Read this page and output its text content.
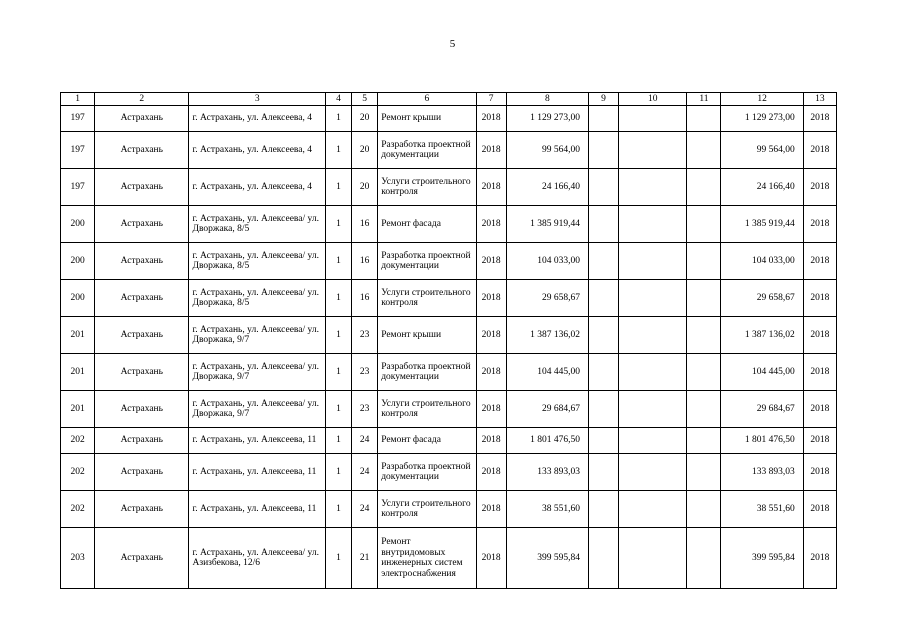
5
1	2	3	4	5	6	7	8	9	10	11	12	13
197	Астрахань	г. Астрахань, ул. Алексеева, 4	1	20	Ремонт крыши	2018	1 129 273,00				1 129 273,00	2018
197	Астрахань	г. Астрахань, ул. Алексеева, 4	1	20	Разработка проектной документации	2018	99 564,00				99 564,00	2018
197	Астрахань	г. Астрахань, ул. Алексеева, 4	1	20	Услуги строительного контроля	2018	24 166,40				24 166,40	2018
200	Астрахань	г. Астрахань, ул. Алексеева/ ул. Дворжака, 8/5	1	16	Ремонт фасада	2018	1 385 919,44				1 385 919,44	2018
200	Астрахань	г. Астрахань, ул. Алексеева/ ул. Дворжака, 8/5	1	16	Разработка проектной документации	2018	104 033,00				104 033,00	2018
200	Астрахань	г. Астрахань, ул. Алексеева/ ул. Дворжака, 8/5	1	16	Услуги строительного контроля	2018	29 658,67				29 658,67	2018
201	Астрахань	г. Астрахань, ул. Алексеева/ ул. Дворжака, 9/7	1	23	Ремонт крыши	2018	1 387 136,02				1 387 136,02	2018
201	Астрахань	г. Астрахань, ул. Алексеева/ ул. Дворжака, 9/7	1	23	Разработка проектной документации	2018	104 445,00				104 445,00	2018
201	Астрахань	г. Астрахань, ул. Алексеева/ ул. Дворжака, 9/7	1	23	Услуги строительного контроля	2018	29 684,67				29 684,67	2018
202	Астрахань	г. Астрахань, ул. Алексеева, 11	1	24	Ремонт фасада	2018	1 801 476,50				1 801 476,50	2018
202	Астрахань	г. Астрахань, ул. Алексеева, 11	1	24	Разработка проектной документации	2018	133 893,03				133 893,03	2018
202	Астрахань	г. Астрахань, ул. Алексеева, 11	1	24	Услуги строительного контроля	2018	38 551,60				38 551,60	2018
203	Астрахань	г. Астрахань, ул. Алексеева/ ул. Азизбекова, 12/6	1	21	Ремонт внутридомовых инженерных систем электроснабжения	2018	399 595,84				399 595,84	2018
